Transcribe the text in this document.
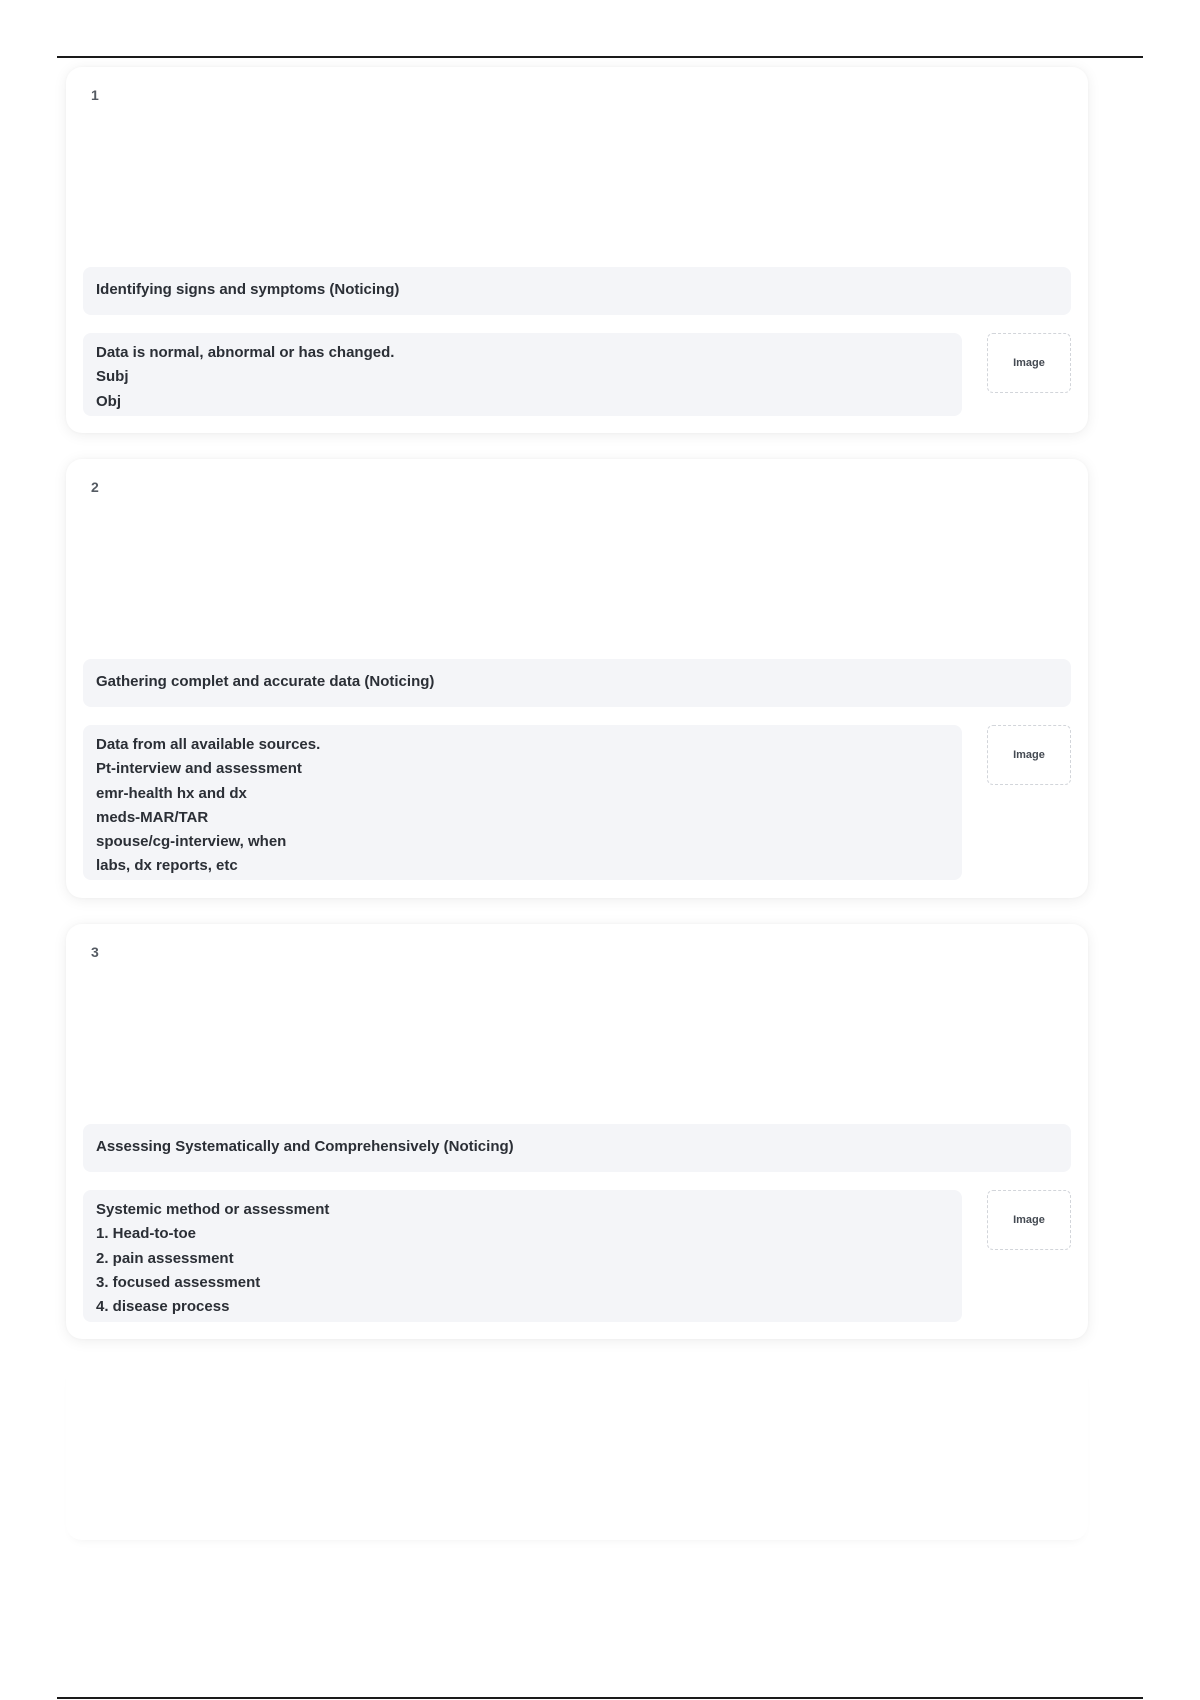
1
Identifying signs and symptoms (Noticing)
Data is normal, abnormal or has changed.
Subj
Obj
Image
2
Gathering complet and accurate data (Noticing)
Data from all available sources.
Pt-interview and assessment
emr-health hx and dx
meds-MAR/TAR
spouse/cg-interview, when
labs, dx reports, etc
Image
3
Assessing Systematically and Comprehensively (Noticing)
Systemic method or assessment
1. Head-to-toe
2. pain assessment
3. focused assessment
4. disease process
Image
